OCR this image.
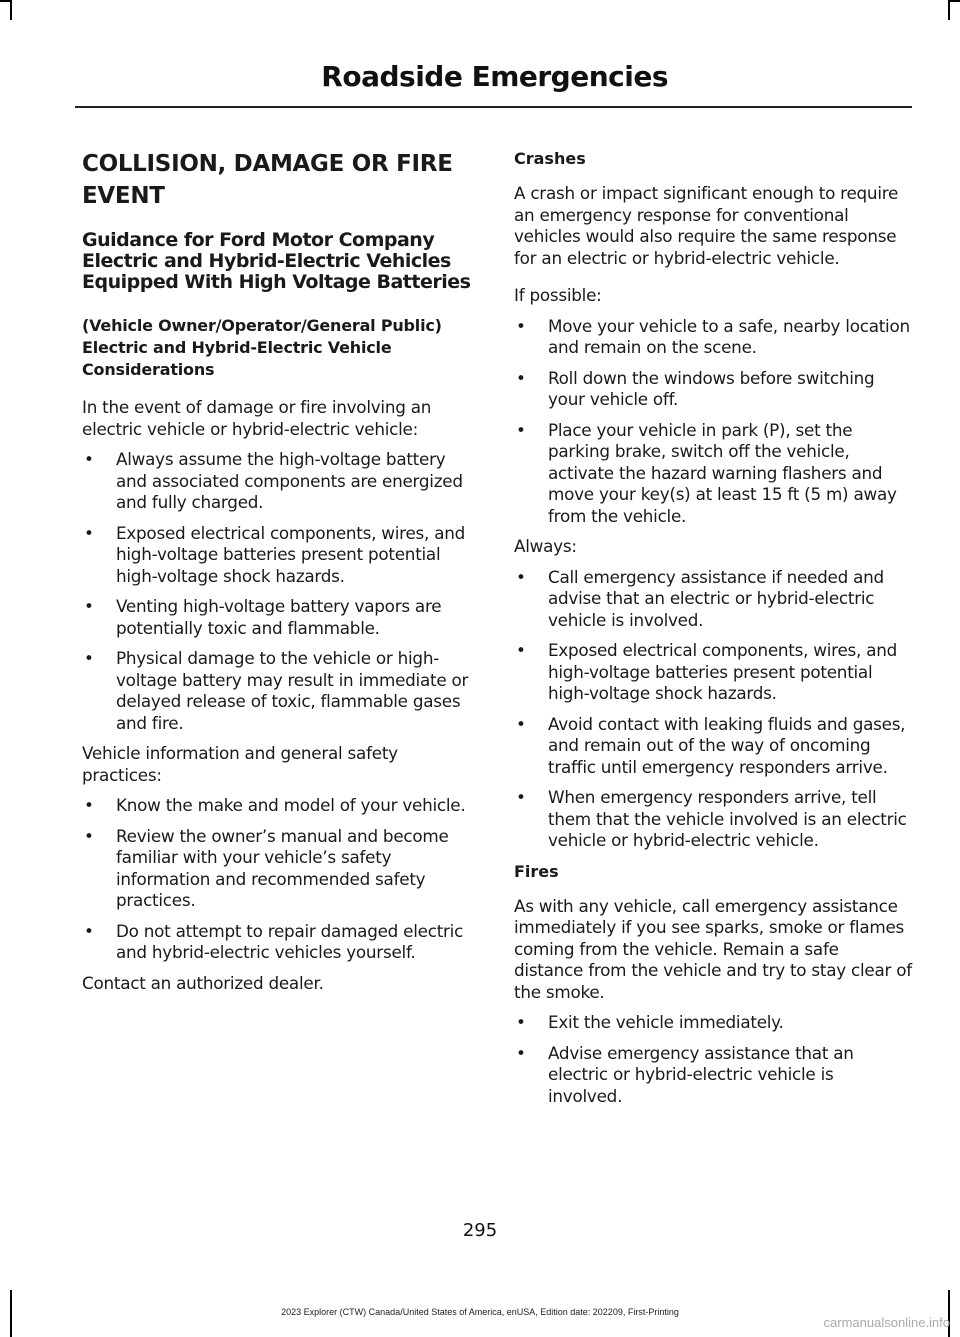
Roadside Emergencies
COLLISION, DAMAGE OR FIRE
EVENT
Guidance for Ford Motor Company Electric and Hybrid-Electric Vehicles Equipped With High Voltage Batteries
(Vehicle Owner/Operator/General Public)
Electric and Hybrid-Electric Vehicle Considerations

In the event of damage or fire involving an electric vehicle or hybrid-electric vehicle:

• Always assume the high-voltage battery and associated components are energized and fully charged.
• Exposed electrical components, wires, and high-voltage batteries present potential high-voltage shock hazards.
• Venting high-voltage battery vapors are potentially toxic and flammable.
• Physical damage to the vehicle or high-voltage battery may result in immediate or delayed release of toxic, flammable gases and fire.

Vehicle information and general safety practices:

• Know the make and model of your vehicle.
• Review the owner’s manual and become familiar with your vehicle’s safety information and recommended safety practices.
• Do not attempt to repair damaged electric and hybrid-electric vehicles yourself.

Contact an authorized dealer.

Crashes

A crash or impact significant enough to require an emergency response for conventional vehicles would also require the same response for an electric or hybrid-electric vehicle.

If possible:

• Move your vehicle to a safe, nearby location and remain on the scene.
• Roll down the windows before switching your vehicle off.
• Place your vehicle in park (P), set the parking brake, switch off the vehicle, activate the hazard warning flashers and move your key(s) at least 15 ft (5 m) away from the vehicle.

Always:

• Call emergency assistance if needed and advise that an electric or hybrid-electric vehicle is involved.
• Exposed electrical components, wires, and high-voltage batteries present potential high-voltage shock hazards.
• Avoid contact with leaking fluids and gases, and remain out of the way of oncoming traffic until emergency responders arrive.
• When emergency responders arrive, tell them that the vehicle involved is an electric vehicle or hybrid-electric vehicle.
Fires

As with any vehicle, call emergency assistance immediately if you see sparks, smoke or flames coming from the vehicle. Remain a safe distance from the vehicle and try to stay clear of the smoke.

• Exit the vehicle immediately.
• Advise emergency assistance that an electric or hybrid-electric vehicle is involved.
295
2023 Explorer (CTW) Canada/United States of America, enUSA, Edition date: 202209, First-Printing
carmanualsonline.info
